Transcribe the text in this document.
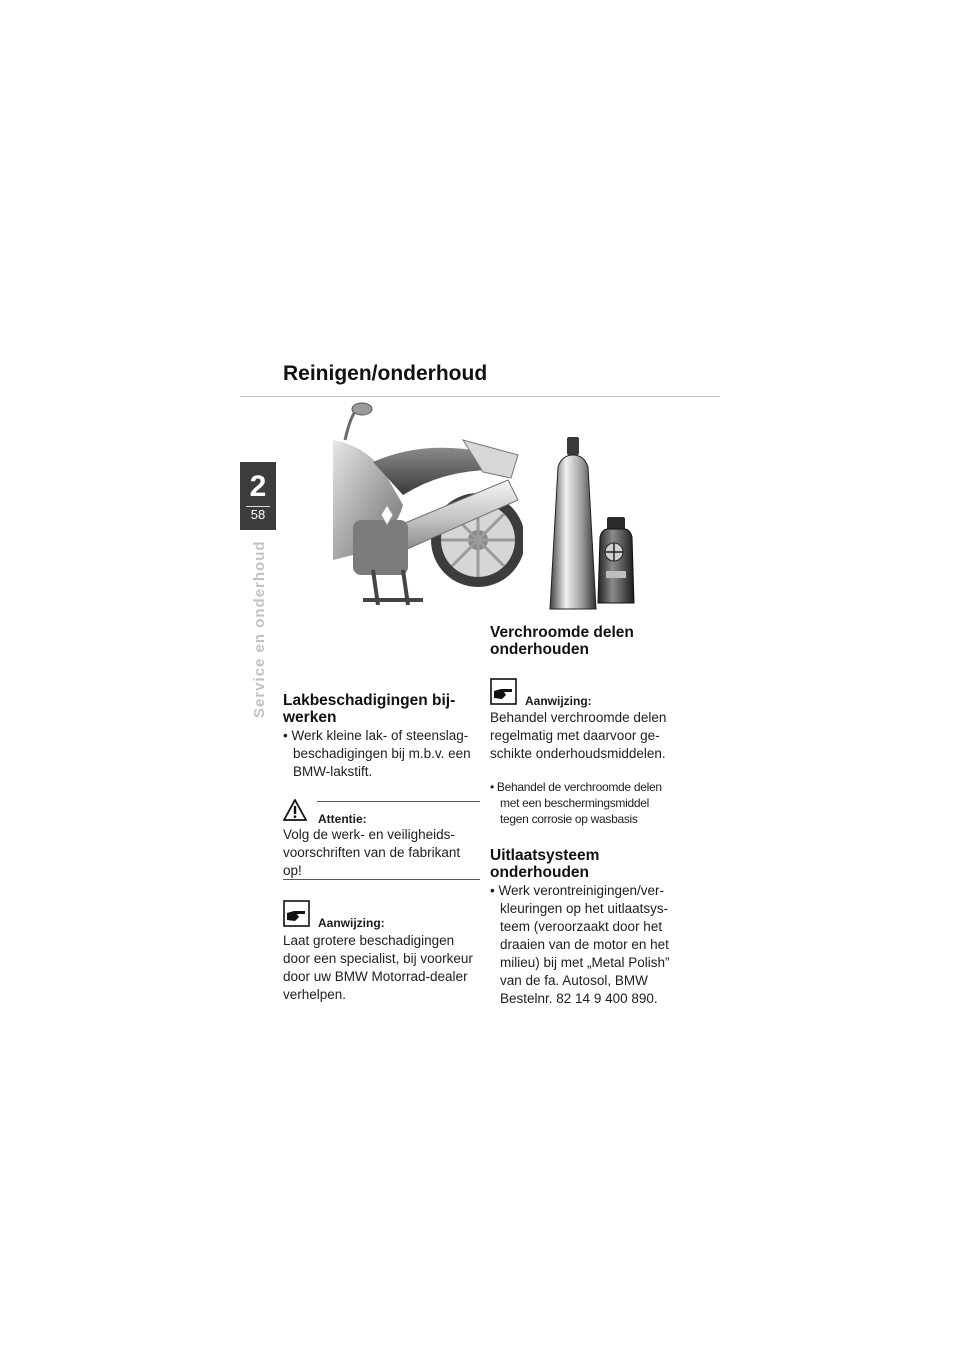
Reinigen/onderhoud
2
58
Service en onderhoud Lakbeschadigingen bij-
werken
• Werk kleine lak- of steenslag-
beschadigingen bij m.b.v. een
BMW-lakstift.
Attentie:
Volg de werk- en veiligheids-
voorschriften van de fabrikant
op!
Aanwijzing:
Laat grotere beschadigingen
door een specialist, bij voorkeur
door uw BMW Motorrad-dealer
verhelpen.
Verchroomde delen
onderhouden
Aanwijzing:
Behandel verchroomde delen
regelmatig met daarvoor ge-
schikte onderhoudsmiddelen.
• Behandel de verchroomde delen
met een beschermingsmiddel
tegen corrosie op wasbasis
Uitlaatsysteem
onderhouden
• Werk verontreinigingen/ver-
kleuringen op het uitlaatsys-
teem (veroorzaakt door het
draaien van de motor en het
milieu) bij met „Metal Polish”
van de fa. Autosol, BMW
Bestelnr. 82 14 9 400 890.
